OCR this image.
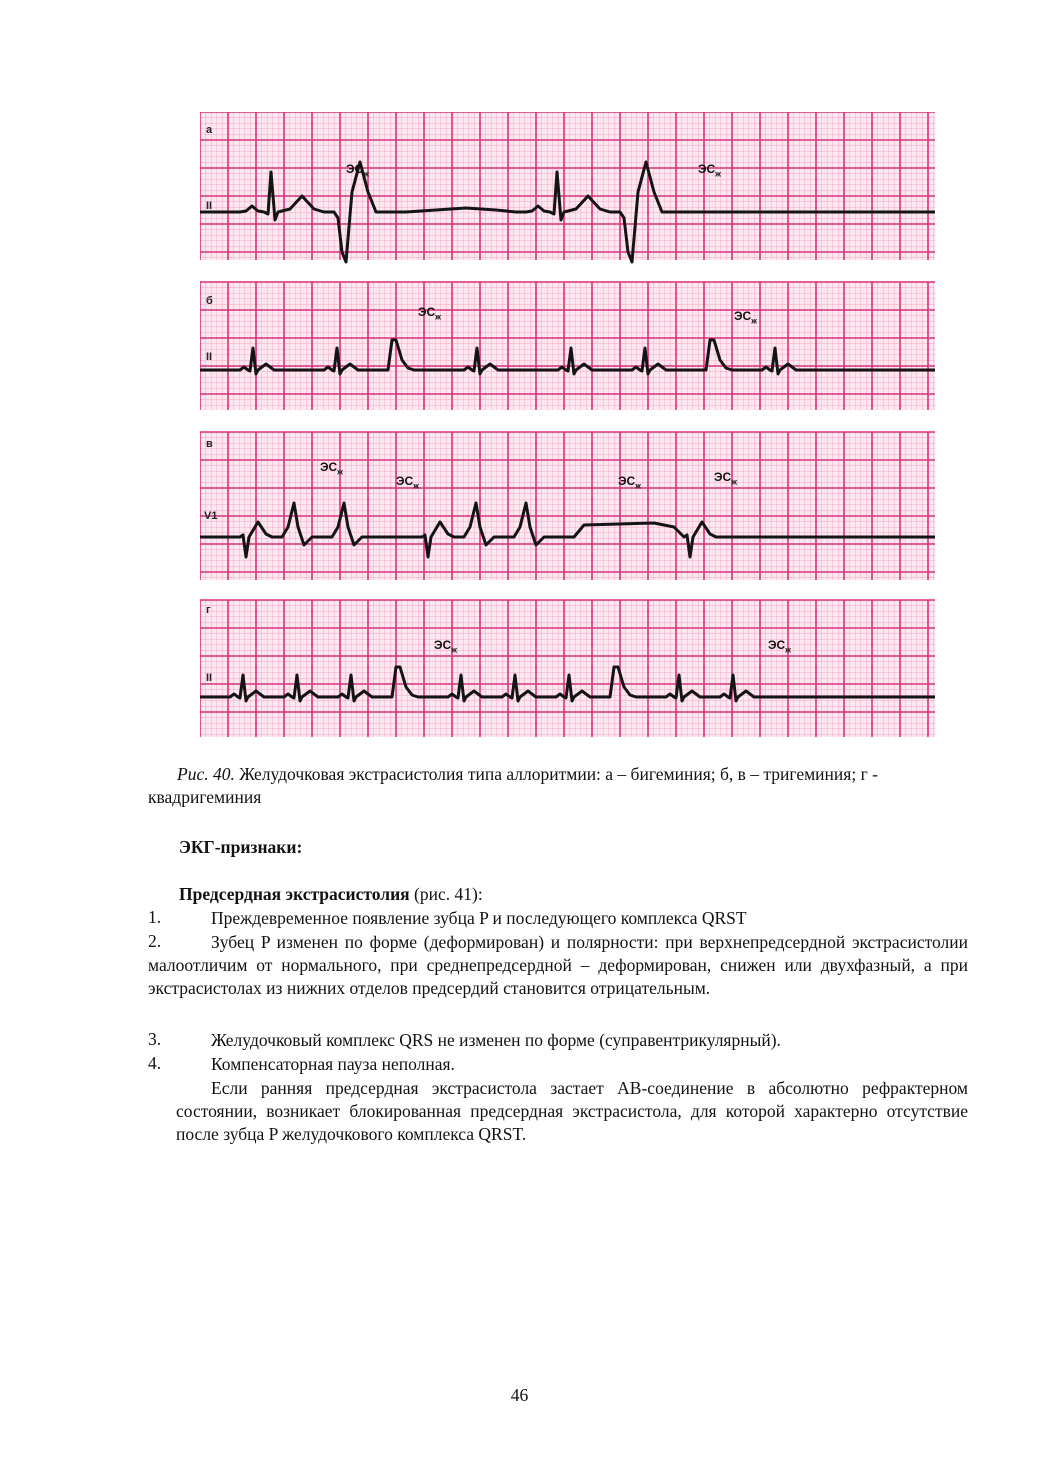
а
II
$ЭС_ж$	$ЭС_ж$
б
II
$ЭС_ж$	$ЭС_ж$
в
V1
$ЭС_ж$
$ЭС_ж$	$ЭС_ж$
$ЭС_ж$
г
II
$ЭС_ж$	$ЭС_ж$
Рис. 40. Желудочковая экстрасистолия типа аллоритмии: а – бигеминия; б, в – тригеминия; г - квадригеминия
ЭКГ-признаки:
Предсердная экстрасистолия (рис. 41):
1.	Преждевременное появление зубца P и последующего комплекса QRST
2.	Зубец P изменен по форме (деформирован) и полярности: при верхнепредсердной экстрасистолии малоотличим от нормального, при среднепредсердной – деформирован, снижен или двухфазный, а при экстрасистолах из нижних отделов предсердий становится отрицательным.
3.	Желудочковый комплекс QRS не изменен по форме (суправентрикулярный).
4.	Компенсаторная пауза неполная.
Если ранняя предсердная экстрасистола застает АВ-соединение в абсолютно рефрактерном состоянии, возникает блокированная предсердная экстрасистола, для которой характерно отсутствие после зубца P желудочкового комплекса QRST.
46
